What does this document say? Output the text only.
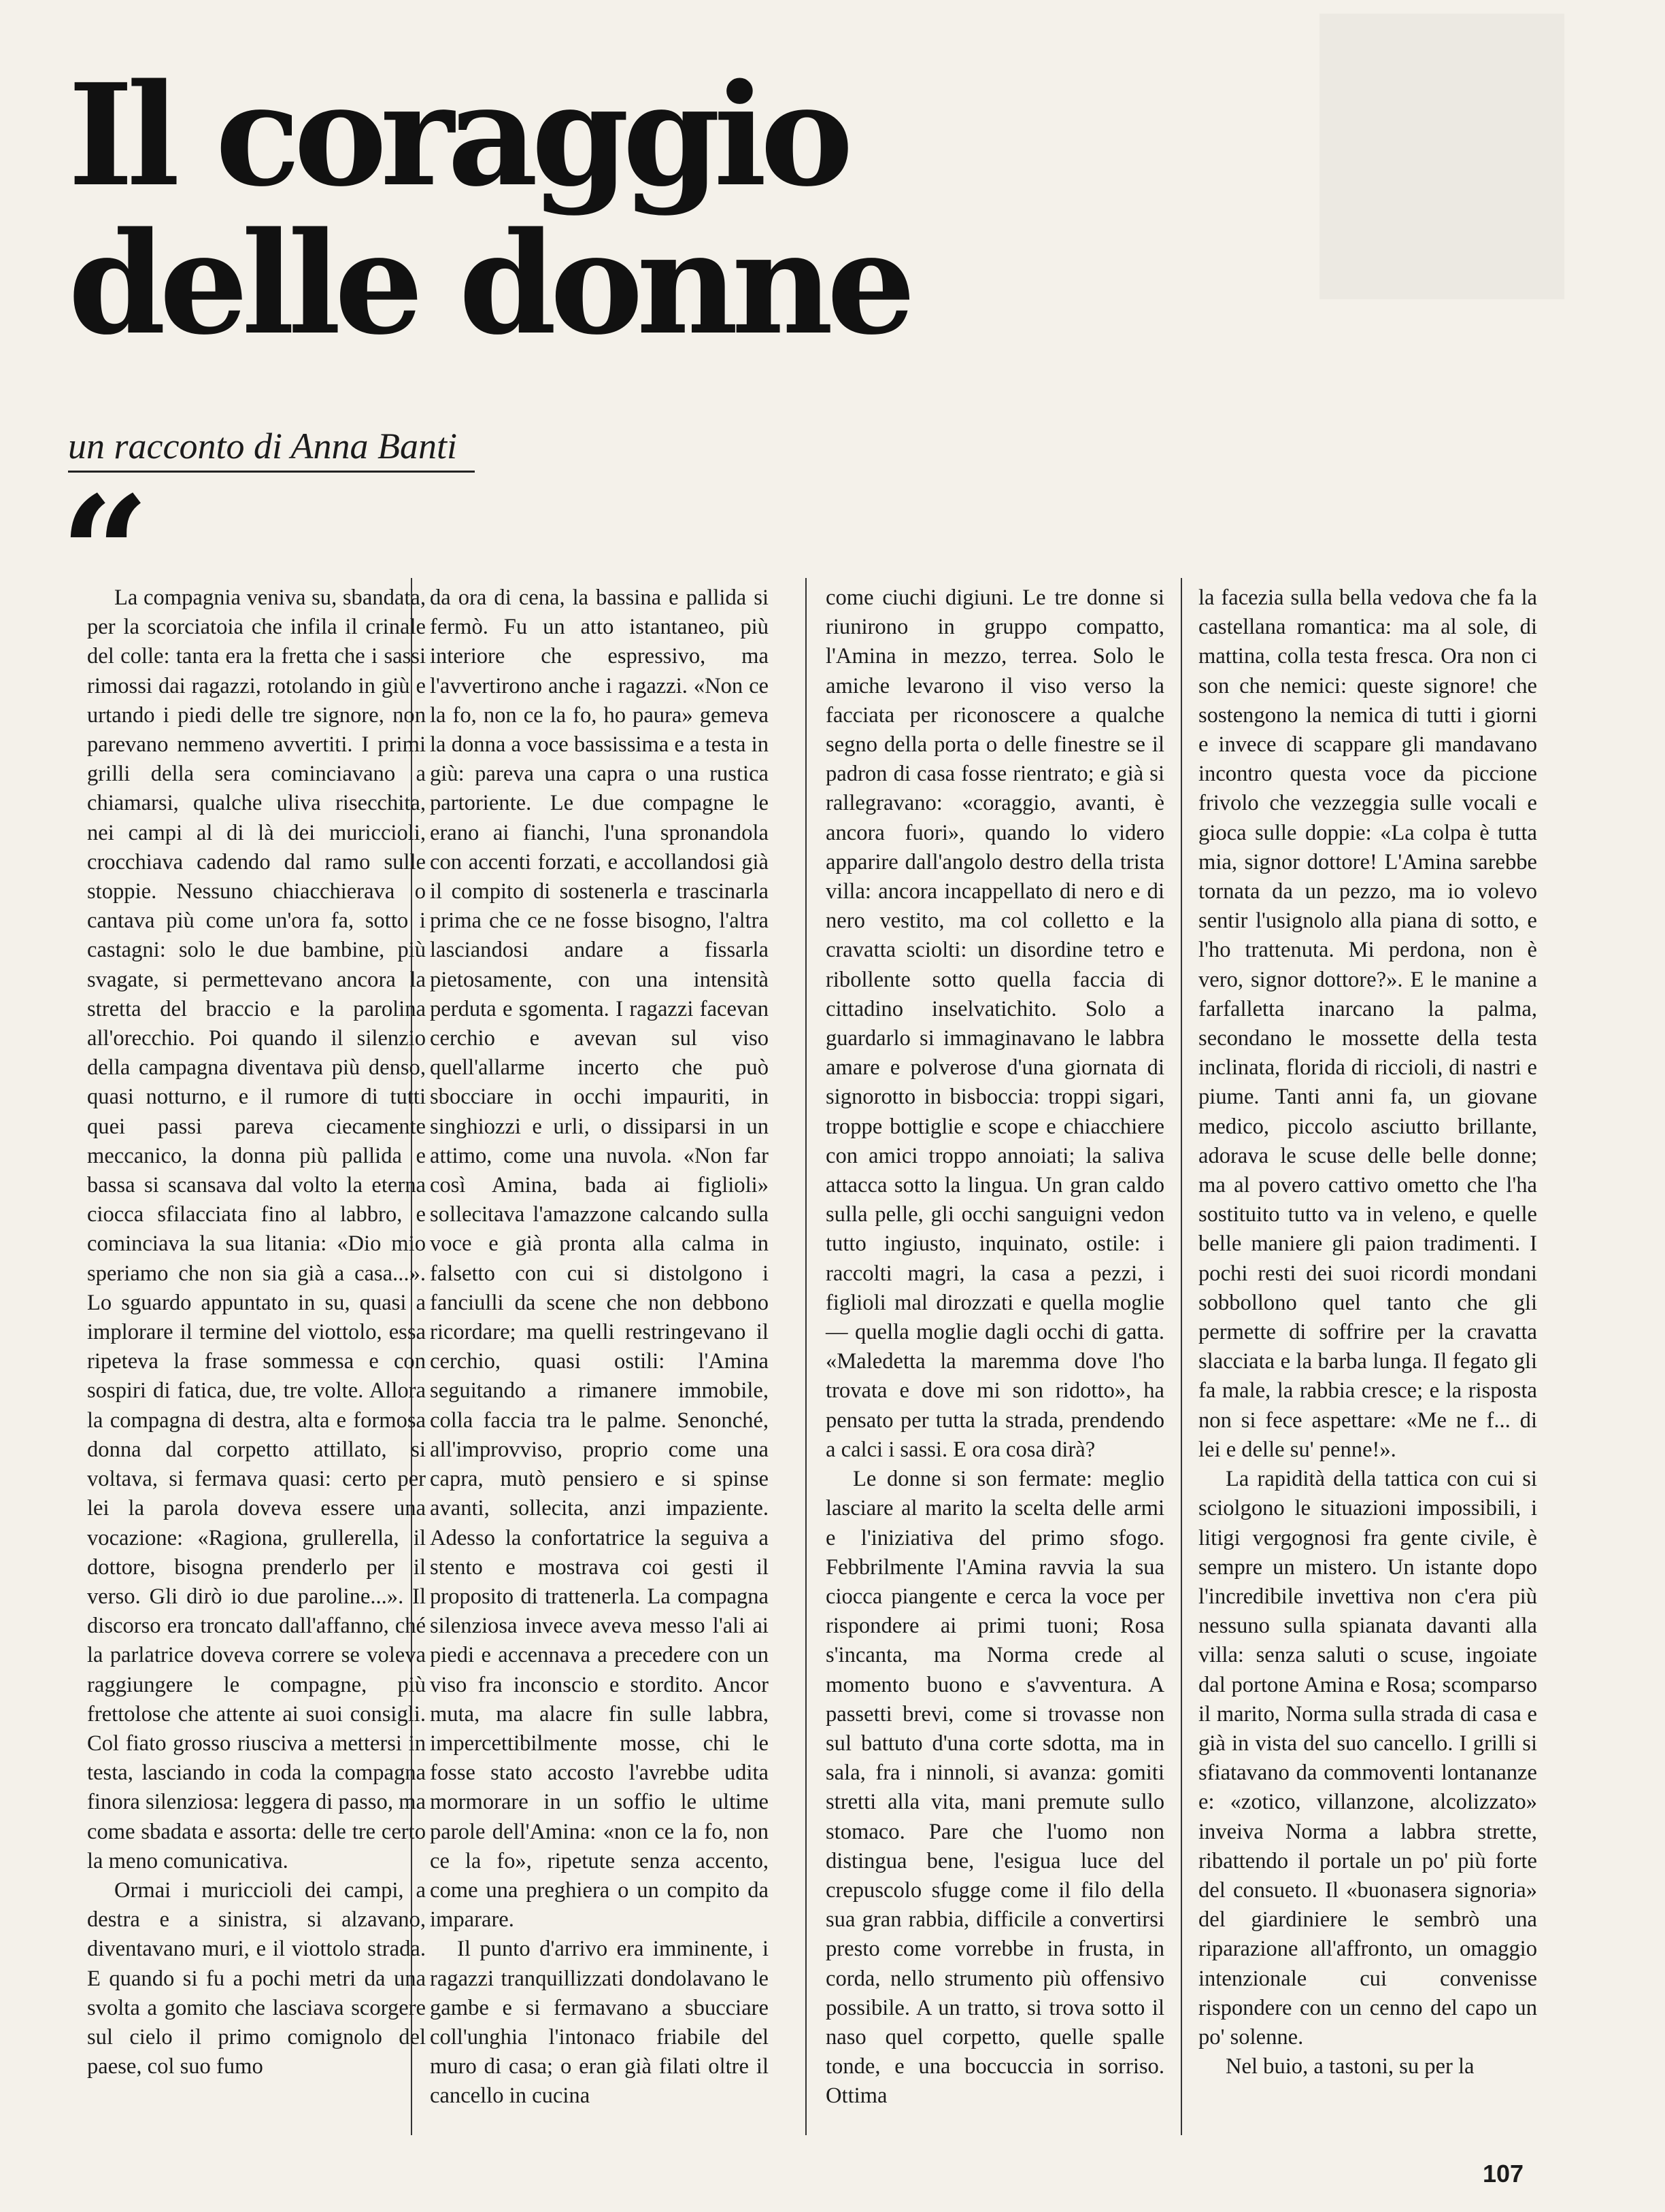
Il coraggio
delle donne
un racconto di Anna Banti
“

La compagnia veniva su, sbandata, per la scorciatoia che infila il crinale del colle: tanta era la fretta che i sassi rimossi dai ragazzi, rotolando in giù e urtando i piedi delle tre signore, non parevano nemmeno avvertiti. I primi grilli della sera cominciavano a chiamarsi, qualche uliva risecchita, nei campi al di là dei muriccioli, crocchiava cadendo dal ramo sulle stoppie. Nessuno chiacchierava o cantava più come un'ora fa, sotto i castagni: solo le due bambine, più svagate, si permettevano ancora la stretta del braccio e la parolina all'orecchio. Poi quando il silenzio della campagna diventava più denso, quasi notturno, e il rumore di tutti quei passi pareva ciecamente meccanico, la donna più pallida e bassa si scansava dal volto la eterna ciocca sfilacciata fino al labbro, e cominciava la sua litania: «Dio mio speriamo che non sia già a casa...». Lo sguardo appuntato in su, quasi a implorare il termine del viottolo, essa ripeteva la frase sommessa e con sospiri di fatica, due, tre volte. Allora la compagna di destra, alta e formosa donna dal corpetto attillato, si voltava, si fermava quasi: certo per lei la parola doveva essere una vocazione: «Ragiona, grullerella, il dottore, bisogna prenderlo per il verso. Gli dirò io due paroline...». Il discorso era troncato dall'affanno, ché la parlatrice doveva correre se voleva raggiungere le compagne, più frettolose che attente ai suoi consigli. Col fiato grosso riusciva a mettersi in testa, lasciando in coda la compagna finora silenziosa: leggera di passo, ma come sbadata e assorta: delle tre certo la meno comunicativa.

Ormai i muriccioli dei campi, a destra e a sinistra, si alzavano, diventavano muri, e il viottolo strada. E quando si fu a pochi metri da una svolta a gomito che lasciava scorgere sul cielo il primo comignolo del paese, col suo fumo

da ora di cena, la bassina e pallida si fermò. Fu un atto istantaneo, più interiore che espressivo, ma l'avvertirono anche i ragazzi. «Non ce la fo, non ce la fo, ho paura» gemeva la donna a voce bassissima e a testa in giù: pareva una capra o una rustica partoriente. Le due compagne le erano ai fianchi, l'una spronandola con accenti forzati, e accollandosi già il compito di sostenerla e trascinarla prima che ce ne fosse bisogno, l'altra lasciandosi andare a fissarla pietosamente, con una intensità perduta e sgomenta. I ragazzi facevan cerchio e avevan sul viso quell'allarme incerto che può sbocciare in occhi impauriti, in singhiozzi e urli, o dissiparsi in un attimo, come una nuvola. «Non far così Amina, bada ai figlioli» sollecitava l'amazzone calcando sulla voce e già pronta alla calma in falsetto con cui si distolgono i fanciulli da scene che non debbono ricordare; ma quelli restringevano il cerchio, quasi ostili: l'Amina seguitando a rimanere immobile, colla faccia tra le palme. Senonché, all'improvviso, proprio come una capra, mutò pensiero e si spinse avanti, sollecita, anzi impaziente. Adesso la confortatrice la seguiva a stento e mostrava coi gesti il proposito di trattenerla. La compagna silenziosa invece aveva messo l'ali ai piedi e accennava a precedere con un viso fra inconscio e stordito. Ancor muta, ma alacre fin sulle labbra, impercettibilmente mosse, chi le fosse stato accosto l'avrebbe udita mormorare in un soffio le ultime parole dell'Amina: «non ce la fo, non ce la fo», ripetute senza accento, come una preghiera o un compito da imparare.

Il punto d'arrivo era imminente, i ragazzi tranquillizzati dondolavano le gambe e si fermavano a sbucciare coll'unghia l'intonaco friabile del muro di casa; o eran già filati oltre il cancello in cucina

come ciuchi digiuni. Le tre donne si riunirono in gruppo compatto, l'Amina in mezzo, terrea. Solo le amiche levarono il viso verso la facciata per riconoscere a qualche segno della porta o delle finestre se il padron di casa fosse rientrato; e già si rallegravano: «coraggio, avanti, è ancora fuori», quando lo videro apparire dall'angolo destro della trista villa: ancora incappellato di nero e di nero vestito, ma col colletto e la cravatta sciolti: un disordine tetro e ribollente sotto quella faccia di cittadino inselvatichito. Solo a guardarlo si immaginavano le labbra amare e polverose d'una giornata di signorotto in bisboccia: troppi sigari, troppe bottiglie e scope e chiacchiere con amici troppo annoiati; la saliva attacca sotto la lingua. Un gran caldo sulla pelle, gli occhi sanguigni vedon tutto ingiusto, inquinato, ostile: i raccolti magri, la casa a pezzi, i figlioli mal dirozzati e quella moglie — quella moglie dagli occhi di gatta. «Maledetta la maremma dove l'ho trovata e dove mi son ridotto», ha pensato per tutta la strada, prendendo a calci i sassi. E ora cosa dirà?

Le donne si son fermate: meglio lasciare al marito la scelta delle armi e l'iniziativa del primo sfogo. Febbrilmente l'Amina ravvia la sua ciocca piangente e cerca la voce per rispondere ai primi tuoni; Rosa s'incanta, ma Norma crede al momento buono e s'avventura. A passetti brevi, come si trovasse non sul battuto d'una corte sdotta, ma in sala, fra i ninnoli, si avanza: gomiti stretti alla vita, mani premute sullo stomaco. Pare che l'uomo non distingua bene, l'esigua luce del crepuscolo sfugge come il filo della sua gran rabbia, difficile a convertirsi presto come vorrebbe in frusta, in corda, nello strumento più offensivo possibile. A un tratto, si trova sotto il naso quel corpetto, quelle spalle tonde, e una boccuccia in sorriso. Ottima

la facezia sulla bella vedova che fa la castellana romantica: ma al sole, di mattina, colla testa fresca. Ora non ci son che nemici: queste signore! che sostengono la nemica di tutti i giorni e invece di scappare gli mandavano incontro questa voce da piccione frivolo che vezzeggia sulle vocali e gioca sulle doppie: «La colpa è tutta mia, signor dottore! L'Amina sarebbe tornata da un pezzo, ma io volevo sentir l'usignolo alla piana di sotto, e l'ho trattenuta. Mi perdona, non è vero, signor dottore?». E le manine a farfalletta inarcano la palma, secondano le mossette della testa inclinata, florida di riccioli, di nastri e piume. Tanti anni fa, un giovane medico, piccolo asciutto brillante, adorava le scuse delle belle donne; ma al povero cattivo ometto che l'ha sostituito tutto va in veleno, e quelle belle maniere gli paion tradimenti. I pochi resti dei suoi ricordi mondani sobbollono quel tanto che gli permette di soffrire per la cravatta slacciata e la barba lunga. Il fegato gli fa male, la rabbia cresce; e la risposta non si fece aspettare: «Me ne f... di lei e delle su' penne!».

La rapidità della tattica con cui si sciolgono le situazioni impossibili, i litigi vergognosi fra gente civile, è sempre un mistero. Un istante dopo l'incredibile invettiva non c'era più nessuno sulla spianata davanti alla villa: senza saluti o scuse, ingoiate dal portone Amina e Rosa; scomparso il marito, Norma sulla strada di casa e già in vista del suo cancello. I grilli si sfiatavano da commoventi lontananze e: «zotico, villanzone, alcolizzato» inveiva Norma a labbra strette, ribattendo il portale un po' più forte del consueto. Il «buonasera signoria» del giardiniere le sembrò una riparazione all'affronto, un omaggio intenzionale cui convenisse rispondere con un cenno del capo un po' solenne.

Nel buio, a tastoni, su per la

107
